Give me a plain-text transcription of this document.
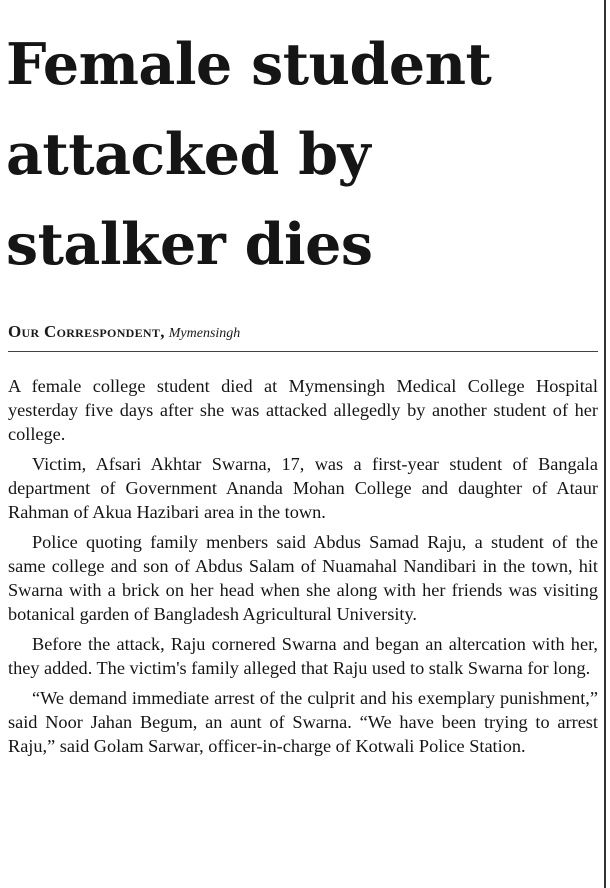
Female student
attacked by
stalker dies
Our Correspondent, Mymensingh

A female college student died at Mymensingh Medical College Hospital yesterday five days after she was attacked allegedly by another student of her college.

Victim, Afsari Akhtar Swarna, 17, was a first-year student of Bangala department of Government Ananda Mohan College and daughter of Ataur Rahman of Akua Hazibari area in the town.

Police quoting family menbers said Abdus Samad Raju, a student of the same college and son of Abdus Salam of Nuamahal Nandibari in the town, hit Swarna with a brick on her head when she along with her friends was visiting botanical garden of Bangladesh Agricultural University.

Before the attack, Raju cornered Swarna and began an altercation with her, they added. The victim's family alleged that Raju used to stalk Swarna for long.

“We demand immediate arrest of the culprit and his exemplary punishment,” said Noor Jahan Begum, an aunt of Swarna. “We have been trying to arrest Raju,” said Golam Sarwar, officer-in-charge of Kotwali Police Station.
